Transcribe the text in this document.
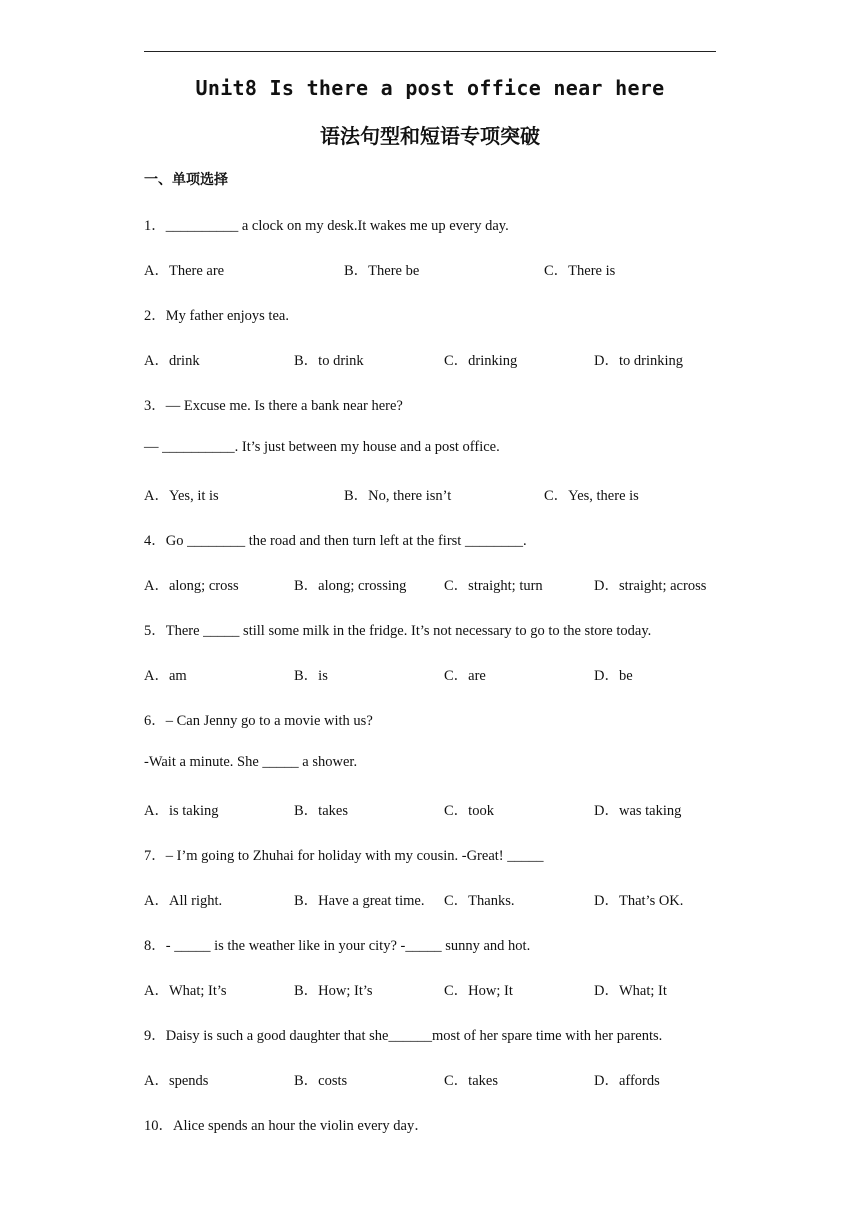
Unit8 Is there a post office near here
语法句型和短语专项突破
一、单项选择
1．__________ a clock on my desk.It wakes me up every day.
A．There are	B．There be	C．There is
2．My father enjoys tea.
A．drink	B．to drink	C．drinking	D．to drinking
3．— Excuse me. Is there a bank near here?
— __________. It’s just between my house and a post office.
A．Yes, it is	B．No, there isn’t	C．Yes, there is
4．Go ________ the road and then turn left at the first ________.
A．along; cross	B．along; crossing	C．straight; turn	D．straight; across
5．There _____ still some milk in the fridge. It’s not necessary to go to the store today.
A．am	B．is	C．are	D．be
6．– Can Jenny go to a movie with us?
-Wait a minute. She _____ a shower.
A．is taking	B．takes	C．took	D．was taking
7．– I’m going to Zhuhai for holiday with my cousin. -Great! _____
A．All right.	B．Have a great time. C．Thanks.	D．That’s OK.
8．- _____ is the weather like in your city? -_____ sunny and hot.
A．What; It’s	B．How; It’s	C．How; It	D．What; It
9．Daisy is such a good daughter that she______most of her spare time with her parents.
A．spends	B．costs	C．takes	D．affords
10．Alice spends an hour the violin every day．
